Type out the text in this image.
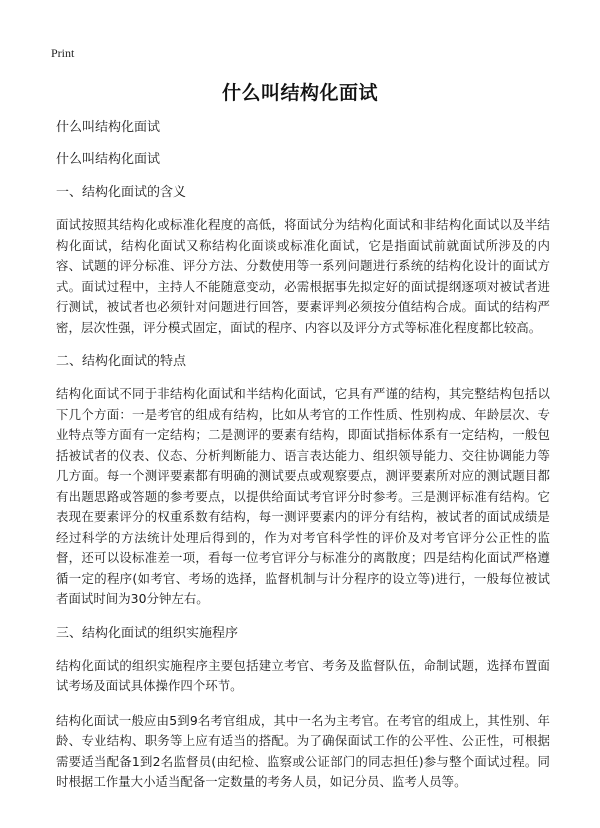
Print
什么叫结构化面试

什么叫结构化面试

什么叫结构化面试

一、结构化面试的含义

面试按照其结构化或标准化程度的高低，将面试分为结构化面试和非结构化面试以及半结构化面试，结构化面试又称结构化面谈或标准化面试，它是指面试前就面试所涉及的内容、试题的评分标准、评分方法、分数使用等一系列问题进行系统的结构化设计的面试方式。面试过程中，主持人不能随意变动，必需根据事先拟定好的面试提纲逐项对被试者进行测试，被试者也必须针对问题进行回答，要素评判必须按分值结构合成。面试的结构严密，层次性强，评分模式固定，面试的程序、内容以及评分方式等标准化程度都比较高。

二、结构化面试的特点

结构化面试不同于非结构化面试和半结构化面试，它具有严谨的结构，其完整结构包括以下几个方面：一是考官的组成有结构，比如从考官的工作性质、性别构成、年龄层次、专业特点等方面有一定结构；二是测评的要素有结构，即面试指标体系有一定结构，一般包括被试者的仪表、仪态、分析判断能力、语言表达能力、组织领导能力、交往协调能力等几方面。每一个测评要素都有明确的测试要点或观察要点，测评要素所对应的测试题目都有出题思路或答题的参考要点，以提供给面试考官评分时参考。三是测评标准有结构。它表现在要素评分的权重系数有结构，每一测评要素内的评分有结构，被试者的面试成绩是经过科学的方法统计处理后得到的，作为对考官科学性的评价及对考官评分公正性的监督，还可以设标准差一项，看每一位考官评分与标准分的离散度；四是结构化面试严格遵循一定的程序(如考官、考场的选择，监督机制与计分程序的设立等)进行，一般每位被试者面试时间为30分钟左右。

三、结构化面试的组织实施程序

结构化面试的组织实施程序主要包括建立考官、考务及监督队伍，命制试题，选择布置面试考场及面试具体操作四个环节。

结构化面试一般应由5到9名考官组成，其中一名为主考官。在考官的组成上，其性别、年龄、专业结构、职务等上应有适当的搭配。为了确保面试工作的公平性、公正性，可根据需要适当配备1到2名监督员(由纪检、监察或公证部门的同志担任)参与整个面试过程。同时根据工作量大小适当配备一定数量的考务人员，如记分员、监考人员等。
